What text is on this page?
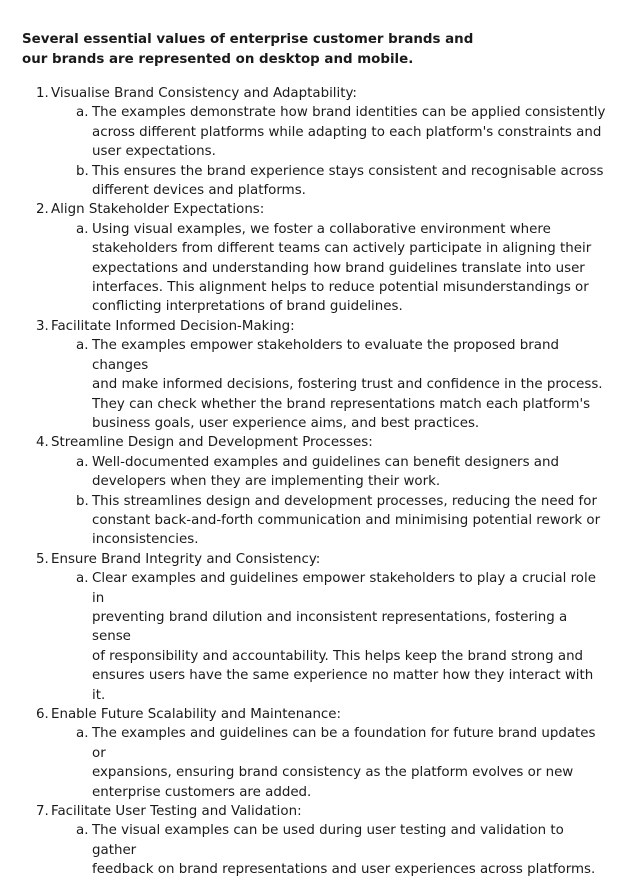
Several essential values of enterprise customer brands and
our brands are represented on desktop and mobile.
1. Visualise Brand Consistency and Adaptability:
a. The examples demonstrate how brand identities can be applied consistently
across different platforms while adapting to each platform's constraints and
user expectations.
b. This ensures the brand experience stays consistent and recognisable across
different devices and platforms.
2. Align Stakeholder Expectations:
a. Using visual examples, we foster a collaborative environment where
stakeholders from different teams can actively participate in aligning their
expectations and understanding how brand guidelines translate into user
interfaces. This alignment helps to reduce potential misunderstandings or
conflicting interpretations of brand guidelines.
3. Facilitate Informed Decision-Making:
a. The examples empower stakeholders to evaluate the proposed brand changes
and make informed decisions, fostering trust and confidence in the process.
They can check whether the brand representations match each platform's
business goals, user experience aims, and best practices.
4. Streamline Design and Development Processes:
a. Well-documented examples and guidelines can benefit designers and
developers when they are implementing their work.
b. This streamlines design and development processes, reducing the need for
constant back-and-forth communication and minimising potential rework or
inconsistencies.
5. Ensure Brand Integrity and Consistency:
a. Clear examples and guidelines empower stakeholders to play a crucial role in
preventing brand dilution and inconsistent representations, fostering a sense
of responsibility and accountability. This helps keep the brand strong and
ensures users have the same experience no matter how they interact with it.
6. Enable Future Scalability and Maintenance:
a. The examples and guidelines can be a foundation for future brand updates or
expansions, ensuring brand consistency as the platform evolves or new
enterprise customers are added.
7. Facilitate User Testing and Validation:
a. The visual examples can be used during user testing and validation to gather
feedback on brand representations and user experiences across platforms.
